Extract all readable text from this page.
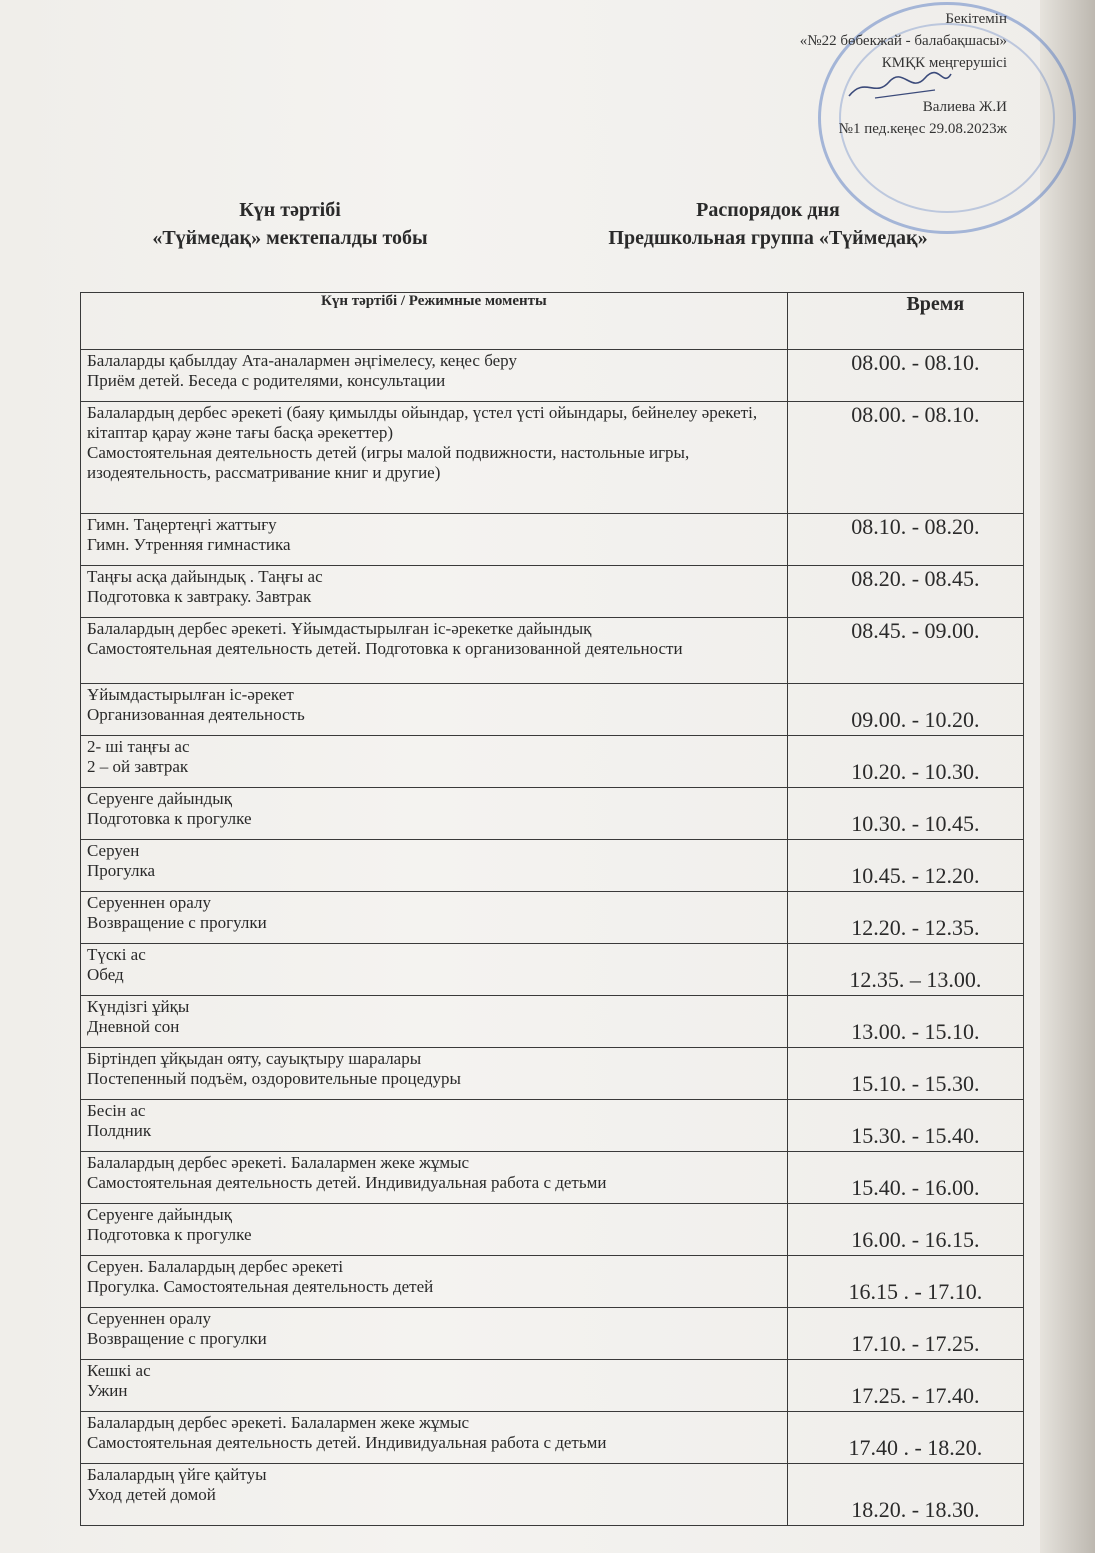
Бекітемін
«№22 бөбекжай - балабақшасы»
КМҚК меңгерушісі
Валиева Ж.И
№1 пед.кеңес 29.08.2023ж
Күн тәртібі
«Түймедақ» мектепалды тобы
Распорядок дня
Предшкольная группа «Түймедақ»
Күн тәртібі / Режимные моменты	Время

Балаларды қабылдау Ата-аналармен әңгімелесу, кеңес беру
Приём детей. Беседа с родителями, консультации	08.00. - 08.10.

Балалардың дербес әрекеті (баяу қимылды ойындар, үстел үсті ойындары, бейнелеу әрекеті, кітаптар қарау және тағы басқа әрекеттер)
Самостоятельная деятельность детей (игры малой подвижности, настольные игры, изодеятельность, рассматривание книг и другие)	08.00. - 08.10.

Гимн. Таңертеңгі жаттығу
Гимн. Утренняя гимнастика	08.10. - 08.20.

Таңғы асқа дайындық . Таңғы ас
Подготовка к завтраку. Завтрак	08.20. - 08.45.

Балалардың дербес әрекеті. Ұйымдастырылған іс-әрекетке дайындық
Самостоятельная деятельность детей. Подготовка к организованной деятельности	08.45. - 09.00.

Ұйымдастырылған іс-әрекет
Организованная деятельность	09.00. - 10.20.

2- ші таңғы ас
2 – ой завтрак	10.20. - 10.30.

Серуенге дайындық
Подготовка к прогулке	10.30. - 10.45.

Серуен
Прогулка	10.45. - 12.20.

Серуеннен оралу
Возвращение с прогулки	12.20. - 12.35.

Түскі ас
Обед	12.35. – 13.00.

Күндізгі ұйқы
Дневной сон	13.00. - 15.10.

Біртіндеп ұйқыдан ояту, сауықтыру шаралары
Постепенный подъём, оздоровительные процедуры	15.10. - 15.30.

Бесін ас
Полдник	15.30. - 15.40.

Балалардың дербес әрекеті. Балалармен жеке жұмыс
Самостоятельная деятельность детей. Индивидуальная работа с детьми	15.40. - 16.00.

Серуенге дайындық
Подготовка к прогулке	16.00. - 16.15.

Серуен. Балалардың дербес әрекеті
Прогулка. Самостоятельная деятельность детей	16.15 . - 17.10.

Серуеннен оралу
Возвращение с прогулки	17.10. - 17.25.

Кешкі ас
Ужин	17.25. - 17.40.

Балалардың дербес әрекеті. Балалармен жеке жұмыс
Самостоятельная деятельность детей. Индивидуальная работа с детьми	17.40 . - 18.20.

Балалардың үйге қайтуы
Уход детей домой	18.20. - 18.30.
